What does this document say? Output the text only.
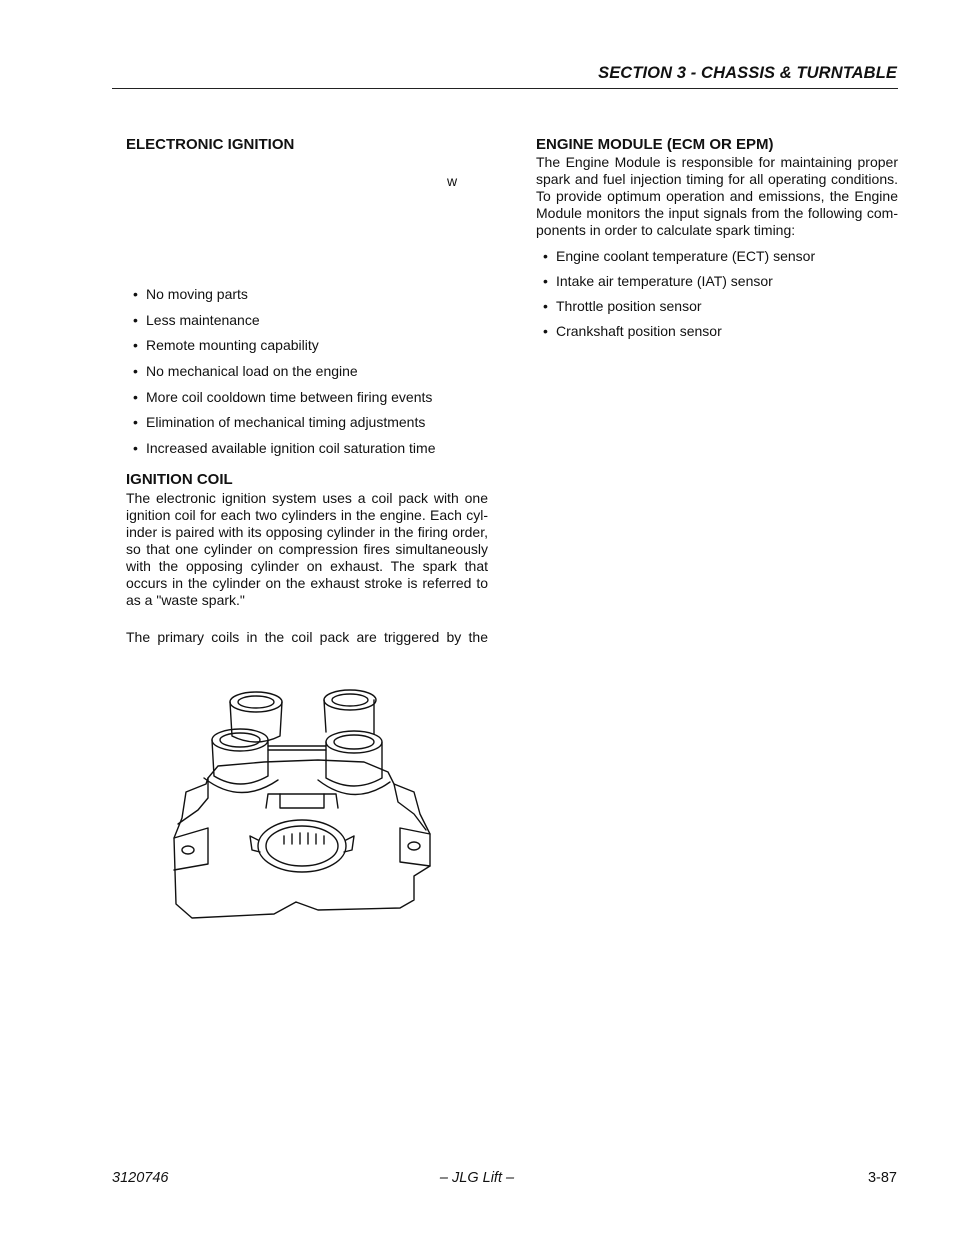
SECTION 3 - CHASSIS & TURNTABLE
ELECTRONIC IGNITION
• No moving parts
• Less maintenance
• Remote mounting capability
• No mechanical load on the engine
• More coil cooldown time between firing events
• Elimination of mechanical timing adjustments
• Increased available ignition coil saturation time
IGNITION COIL

The electronic ignition system uses a coil pack with one ignition coil for each two cylinders in the engine. Each cyl-inder is paired with its opposing cylinder in the firing order, so that one cylinder on compression fires simultaneously with the opposing cylinder on exhaust. The spark that occurs in the cylinder on the exhaust stroke is referred to as a "waste spark."

The primary coils in the coil pack are triggered by the

w
ENGINE MODULE (ECM OR EPM)

The Engine Module is responsible for maintaining proper spark and fuel injection timing for all operating conditions. To provide optimum operation and emissions, the Engine Module monitors the input signals from the following com-ponents in order to calculate spark timing:

• Engine coolant temperature (ECT) sensor
• Intake air temperature (IAT) sensor
• Throttle position sensor
• Crankshaft position sensor
3120746	– JLG Lift –	3-87
